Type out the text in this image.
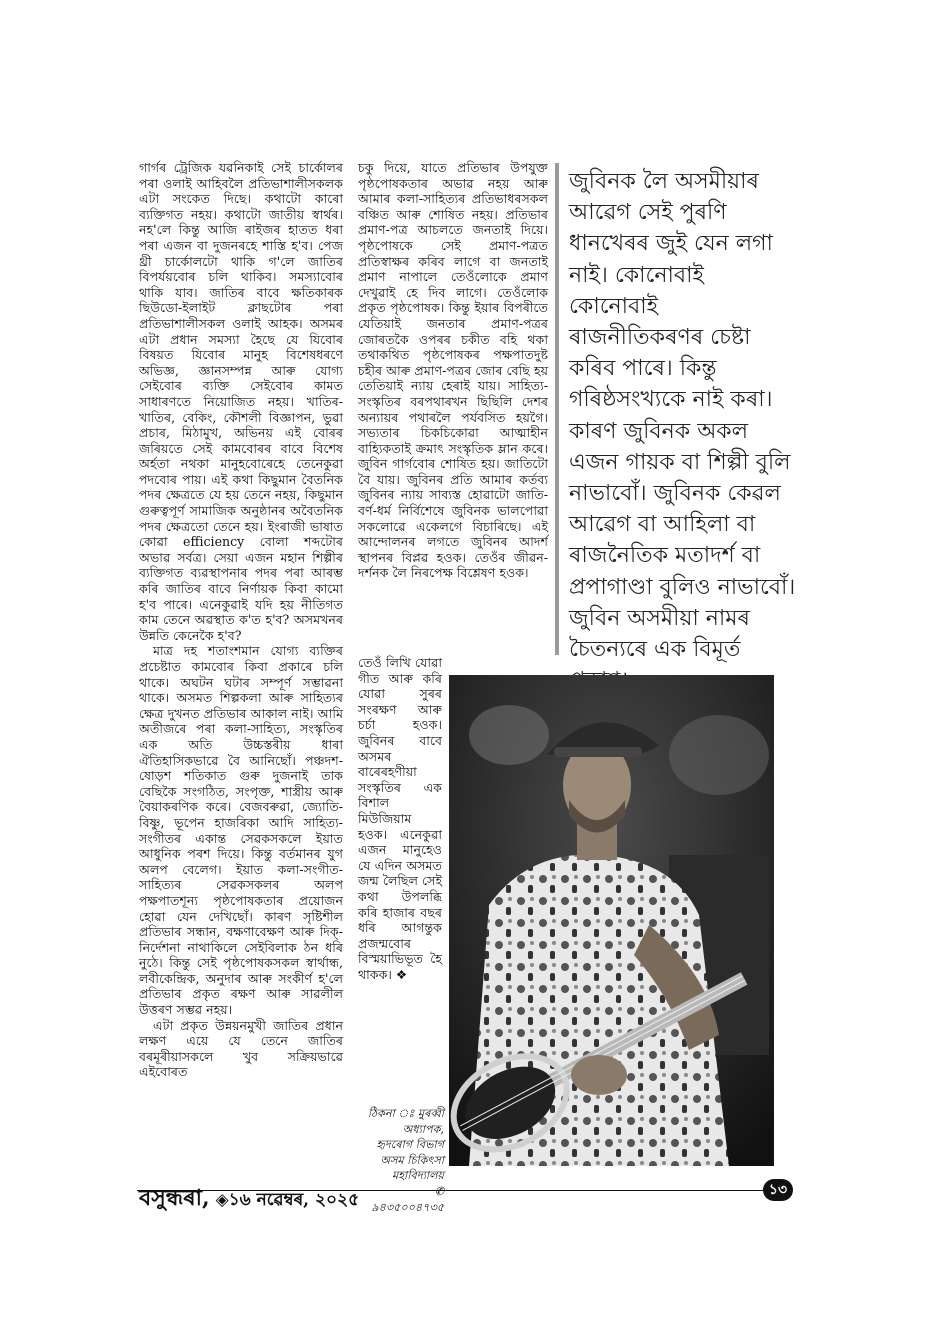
গাৰ্গৰ ট্ৰেজিক যৱনিকাই সেই চাৰ্কোলৰ পৰা ওলাই আহিবলৈ প্ৰতিভাশালীসকলক এটা সংকেত দিছে। কথাটো কাৰো ব্যক্তিগত নহয়। কথাটো জাতীয় স্বাৰ্থৰ। নহ'লে কিন্তু আজি ৰাইজৰ হাতত ধৰা পৰা এজন বা দুজনৰহে শাস্তি হ'ব। পেজ থ্ৰী চাৰ্কোলটো থাকি গ'লে জাতিৰ বিপৰ্যয়বোৰ চলি থাকিব। সমস্যাবোৰ থাকি যাব। জাতিৰ বাবে ক্ষতিকাৰক ছিউডো-ইলাইট ক্লাছটোৰ পৰা প্ৰতিভাশালীসকল ওলাই আহক। অসমৰ এটা প্ৰধান সমস্যা হৈছে যে যিবোৰ বিষয়ত যিবোৰ মানুহ বিশেষধৰণে অভিজ্ঞ, জ্ঞানসম্পন্ন আৰু যোগ্য সেইবোৰ ব্যক্তি সেইবোৰ কামত সাধাৰণতে নিয়োজিত নহয়। খাতিৰ-খাতিৰ, বেকিং, কৌশলী বিজ্ঞাপন, ভুৱা প্ৰচাৰ, মিঠামুখ, অভিনয় এই বোৰৰ জৰিয়তে সেই কামবোৰৰ বাবে বিশেষ অৰ্হতা নথকা মানুহবোৰেহে তেনেকুৱা পদবোৰ পায়। এই কথা কিছুমান বৈতনিক পদৰ ক্ষেত্ৰতে যে হয় তেনে নহয়, কিছুমান গুৰুত্বপূৰ্ণ সামাজিক অনুষ্ঠানৰ অবৈতনিক পদৰ ক্ষেত্ৰতো তেনে হয়। ইংৰাজী ভাষাত কোৱা efficiency বোলা শব্দটোৰ অভাৱ সৰ্বত্ৰ। সেয়া এজন মহান শিল্পীৰ ব্যক্তিগত ব্যৱস্থাপনাৰ পদৰ পৰা আৰম্ভ কৰি জাতিৰ বাবে নিৰ্ণায়ক কিবা কামো হ'ব পাৰে। এনেকুৱাই যদি হয় নীতিগত কাম তেনে অৱস্থাত ক'ত হ'ব? অসমখনৰ উন্নতি কেনেকৈ হ'ব?

মাত্ৰ দহ শতাংশমান যোগ্য ব্যক্তিৰ প্ৰচেষ্টাত কামবোৰ কিবা প্ৰকাৰে চলি থাকে। অঘটন ঘটাৰ সম্পূৰ্ণ সম্ভাৱনা থাকে। অসমত শিল্পকলা আৰু সাহিত্যৰ ক্ষেত্ৰ দুখনত প্ৰতিভাৰ আকাল নাই। আমি অতীজৰে পৰা কলা-সাহিত্য, সংস্কৃতিৰ এক অতি উচ্চস্তৰীয় ধাৰা ঐতিহাসিকভাৱে বৈ আনিছোঁ। পঞ্চদশ-ষোড়শ শতিকাত গুৰু দুজনাই তাক বেছিকৈ সংগঠিত, সংপৃক্ত, শাস্ত্ৰীয় আৰু বৈয়াকৰণিক কৰে। বেজবৰুৱা, জ্যোতি-বিষ্ণু, ভূপেন হাজৰিকা আদি সাহিত্য-সংগীতৰ একান্ত সেৱকসকলে ইয়াত আধুনিক পৰশ দিয়ে। কিন্তু বৰ্তমানৰ যুগ অলপ বেলেগ। ইয়াত কলা-সংগীত-সাহিত্যৰ সেৱকসকলৰ অলপ পক্ষপাতশূন্য পৃষ্ঠপোষকতাৰ প্ৰয়োজন হোৱা যেন দেখিছোঁ। কাৰণ সৃষ্টিশীল প্ৰতিভাৰ সন্ধান, বক্ষণাবেক্ষণ আৰু দিক্-নিৰ্দেশনা নাথাকিলে সেইবিলাক ঠন ধৰি নুঠে। কিন্তু সেই পৃষ্ঠপোষকসকল স্বাৰ্থান্ধ, লবীকেন্দ্ৰিক, অনুদাৰ আৰু সংকীৰ্ণ হ'লে প্ৰতিভাৰ প্ৰকৃত ৰক্ষণ আৰু সাৱলীল উত্তৰণ সম্ভৱ নহয়।

এটা প্ৰকৃত উন্নয়নমুখী জাতিৰ প্ৰধান লক্ষণ এয়ে যে তেনে জাতিৰ বৰমূৰীয়াসকলে খুব সক্ৰিয়ভাৱে এইবোৰত

চকু দিয়ে, যাতে প্ৰতিভাৰ উপযুক্ত পৃষ্ঠপোষকতাৰ অভাৱ নহয় আৰু আমাৰ কলা-সাহিত্যৰ প্ৰতিভাধৰসকল বঞ্চিত আৰু শোষিত নহয়। প্ৰতিভাৰ প্ৰমাণ-পত্ৰ আচলতে জনতাই দিয়ে। পৃষ্ঠপোষকে সেই প্ৰমাণ-পত্ৰত প্ৰতিস্বাক্ষৰ কৰিব লাগে বা জনতাই প্ৰমাণ নাপালে তেওঁলোকে প্ৰমাণ দেখুৱাই হে দিব লাগে। তেওঁলোক প্ৰকৃত পৃষ্ঠপোষক। কিন্তু ইয়াৰ বিপৰীতে যেতিয়াই জনতাৰ প্ৰমাণ-পত্ৰৰ জোৰতকৈ ওপৰৰ চকীত বহি থকা তথাকথিত পৃষ্ঠপোষকৰ পক্ষপাতদুষ্ট চহীৰ আৰু প্ৰমাণ-পত্ৰৰ জোৰ বেছি হয় তেতিয়াই ন্যায় হেৰাই যায়। সাহিত্য-সংস্কৃতিৰ বৰপথাৰখন ছিছিলি দেশৰ অন্যায়ৰ পথাৰলৈ পৰ্যবসিত হয়গৈ। সভ্যতাৰ চিকচিকোৱা আত্মাহীন বাহ্যিকতাই ক্ৰমাৎ সংস্কৃতিক ম্লান কৰে। জুবিন গাৰ্গবোৰ শোষিত হয়। জাতিটো বৈ যায়। জুবিনৰ প্ৰতি আমাৰ কৰ্তব্য জুবিনৰ ন্যায় সাব্যস্ত হোৱাটো জাতি-বৰ্ণ-ধৰ্ম নিৰ্বিশেষে জুবিনক ভালপোৱা সকলোৱে একেলগে বিচাৰিছে। এই আন্দোলনৰ লগতে জুবিনৰ আদৰ্শ স্থাপনৰ বিপ্লৱ হওক। তেওঁৰ জীৱন-দৰ্শনক লৈ নিৰপেক্ষ বিশ্লেষণ হওক।

তেওঁ লিখি যোৱা গীত আৰু কৰি যোৱা সুৰৰ সংৰক্ষণ আৰু চৰ্চা হওক। জুবিনৰ বাবে অসমৰ বাৰেৰহণীয়া সংস্কৃতিৰ এক বিশাল মিউজিয়াম হওক। এনেকুৱা এজন মানুহেও যে এদিন অসমত জন্ম লৈছিল সেই কথা উপলব্ধি কৰি হাজাৰ বছৰ ধৰি আগন্তুক প্ৰজন্মবোৰ বিস্ময়াভিভূত হৈ থাকক। ❖

জুবিনক লৈ অসমীয়াৰ
আৱেগ সেই পুৰণি
ধানখেৰৰ জুই যেন লগা
নাই। কোনোবাই
কোনোবাই
ৰাজনীতিকৰণৰ চেষ্টা
কৰিব পাৰে। কিন্তু
গৰিষ্ঠসংখ্যকে নাই কৰা।
কাৰণ জুবিনক অকল
এজন গায়ক বা শিল্পী বুলি
নাভাবোঁ। জুবিনক কেৱল
আৱেগ বা আহিলা বা
ৰাজনৈতিক মতাদৰ্শ বা
প্ৰপাগাণ্ডা বুলিও নাভাবোঁ।
জুবিন অসমীয়া নামৰ
চৈতন্যৰে এক বিমূৰ্ত
ঠিকনা ঃ মুৰব্বী
অধ্যাপক,
হৃদৰোগ বিভাগ
অসম চিকিৎসা
মহাবিদ্যালয়
✆ ৯৪৩৫০০৪৭৩৫
বসুন্ধৰা, ◈১৬ নৱেম্বৰ, ২০২৫	১৩
